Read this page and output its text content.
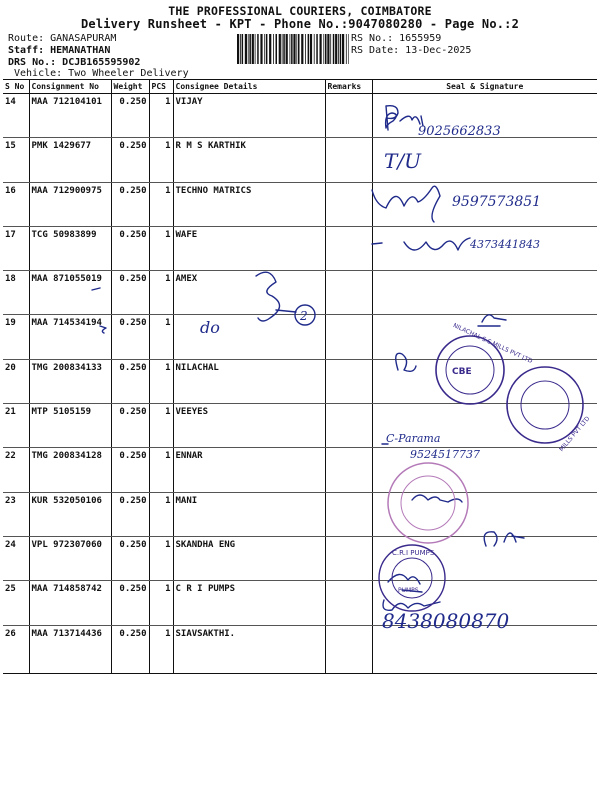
THE PROFESSIONAL COURIERS, COIMBATORE
Delivery Runsheet - KPT - Phone No.:9047080280 - Page No.:2
Route: GANASAPURAM
Staff: HEMANATHAN
DRS No.: DCJB165595902
Vehicle: Two Wheeler Delivery
RS No.: 1655959
RS Date: 13-Dec-2025
S No	Consignment No	Weight	PCS	Consignee Details	Remarks	Seal & Signature
14	MAA 712104101	0.250	1	VIJAY		
15	PMK 1429677	0.250	1	R M S KARTHIK		
16	MAA 712900975	0.250	1	TECHNO MATRICS		
17	TCG 50983899	0.250	1	WAFE		
18	MAA 871055019	0.250	1	AMEX		
19	MAA 714534194	0.250	1			
20	TMG 200834133	0.250	1	NILACHAL		
21	MTP 5105159	0.250	1	VEEYES		
22	TMG 200834128	0.250	1	ENNAR		
23	KUR 532050106	0.250	1	MANI		
24	VPL 972307060	0.250	1	SKANDHA ENG		
25	MAA 714858742	0.250	1	C R I PUMPS		
26	MAA 713714436	0.250	1	SIAVSAKTHI.		
9025662833
T/U
9597573851
4373441843
do
2
C-Parama
9524517737
8438080870
CBE
NILACHAL S.S.MILLS PVT LTD
MILLS PVT LTD
C.R.I PUMPS
PUMPS
